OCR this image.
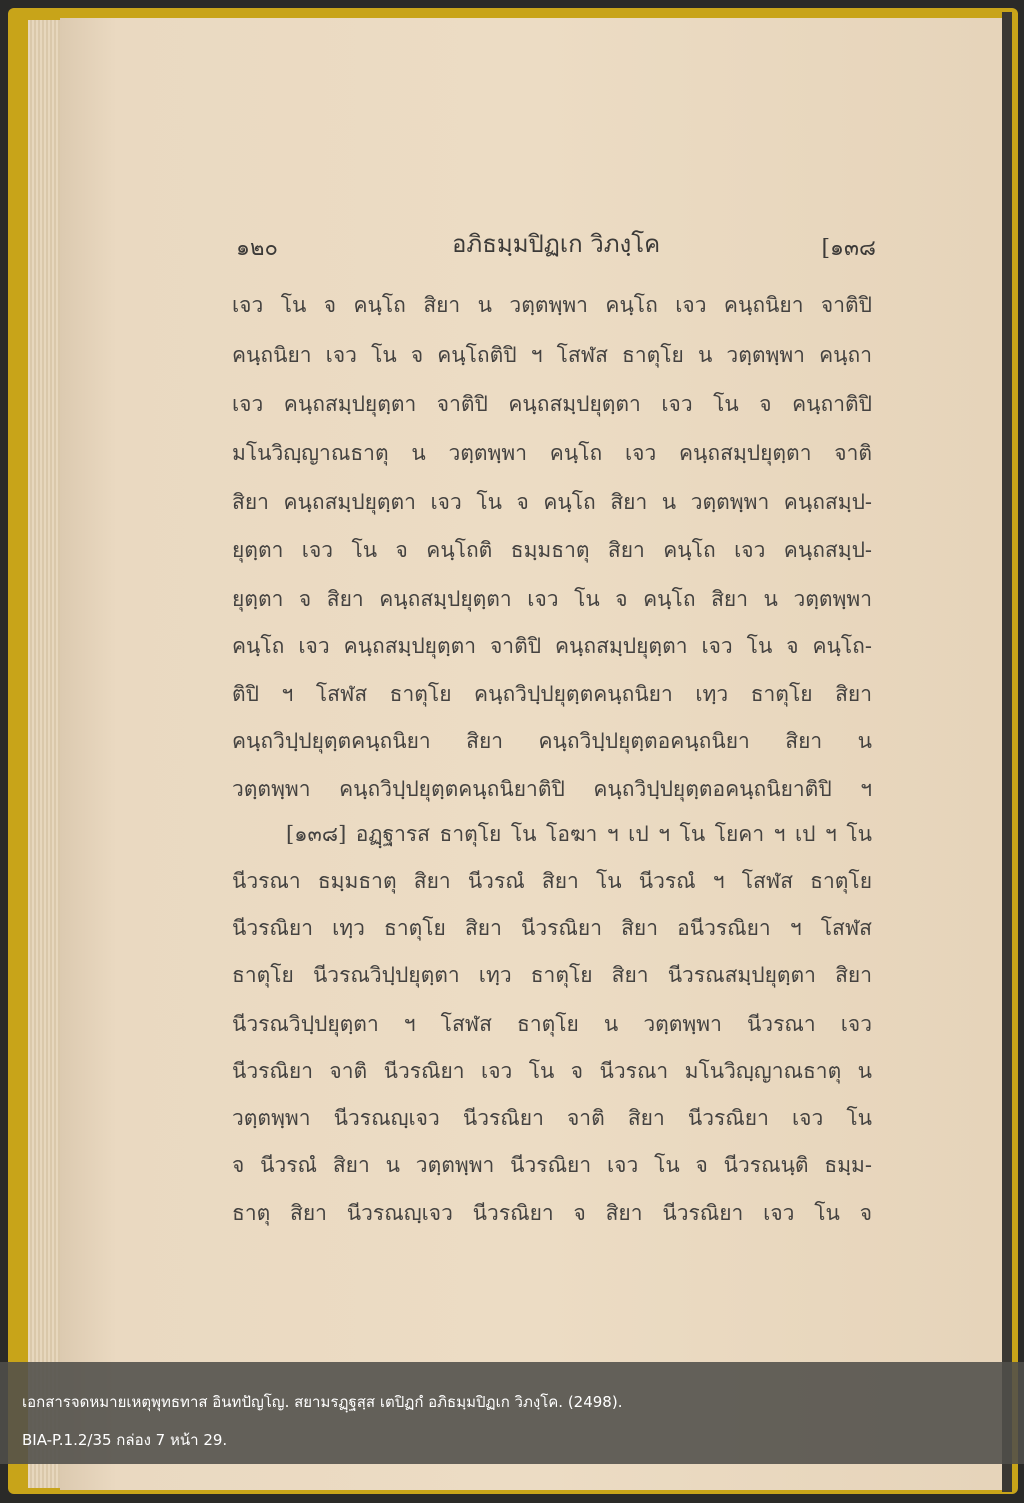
๑๒๐	อภิธมฺมปิฏเก วิภงฺโค	[๑๓๘
เจว โน จ คนฺโถ สิยา น วตฺตพฺพา คนฺโถ เจว คนฺถนิยา จาติปิ
คนฺถนิยา เจว โน จ คนฺโถติปิ ฯ โสฬส ธาตุโย น วตฺตพฺพา คนฺถา
เจว คนฺถสมฺปยุตฺตา จาติปิ คนฺถสมฺปยุตฺตา เจว โน จ คนฺถาติปิ
มโนวิญฺญาณธาตุ น วตฺตพฺพา คนฺโถ เจว คนฺถสมฺปยุตฺตา จาติ
สิยา คนฺถสมฺปยุตฺตา เจว โน จ คนฺโถ สิยา น วตฺตพฺพา คนฺถสมฺป-
ยุตฺตา เจว โน จ คนฺโถติ ธมฺมธาตุ สิยา คนฺโถ เจว คนฺถสมฺป-
ยุตฺตา จ สิยา คนฺถสมฺปยุตฺตา เจว โน จ คนฺโถ สิยา น วตฺตพฺพา
คนฺโถ เจว คนฺถสมฺปยุตฺตา จาติปิ คนฺถสมฺปยุตฺตา เจว โน จ คนฺโถ-
ติปิ ฯ โสฬส ธาตุโย คนฺถวิปฺปยุตฺตคนฺถนิยา เทฺว ธาตุโย สิยา
คนฺถวิปฺปยุตฺตคนฺถนิยา สิยา คนฺถวิปฺปยุตฺตอคนฺถนิยา สิยา น
วตฺตพฺพา คนฺถวิปฺปยุตฺตคนฺถนิยาติปิ คนฺถวิปฺปยุตฺตอคนฺถนิยาติปิ ฯ
[๑๓๘] อฏฺฐารส ธาตุโย โน โอฆา ฯ เป ฯ โน โยคา ฯ เป ฯ โน
นีวรณา ธมฺมธาตุ สิยา นีวรณํ สิยา โน นีวรณํ ฯ โสฬส ธาตุโย
นีวรณิยา เทฺว ธาตุโย สิยา นีวรณิยา สิยา อนีวรณิยา ฯ โสฬส
ธาตุโย นีวรณวิปฺปยุตฺตา เทฺว ธาตุโย สิยา นีวรณสมฺปยุตฺตา สิยา
นีวรณวิปฺปยุตฺตา ฯ โสฬส ธาตุโย น วตฺตพฺพา นีวรณา เจว
นีวรณิยา จาติ นีวรณิยา เจว โน จ นีวรณา มโนวิญฺญาณธาตุ น
วตฺตพฺพา นีวรณญฺเจว นีวรณิยา จาติ สิยา นีวรณิยา เจว โน
จ นีวรณํ สิยา น วตฺตพฺพา นีวรณิยา เจว โน จ นีวรณนฺติ ธมฺม-
ธาตุ สิยา นีวรณญฺเจว นีวรณิยา จ สิยา นีวรณิยา เจว โน จ
เอกสารจดหมายเหตุพุทธทาส อินทปัญโญ. สยามรฏฺฐสฺส เตปิฏกํ อภิธมฺมปิฏเก วิภงฺโค. (2498).
BIA-P.1.2/35 กล่อง 7 หน้า 29.
